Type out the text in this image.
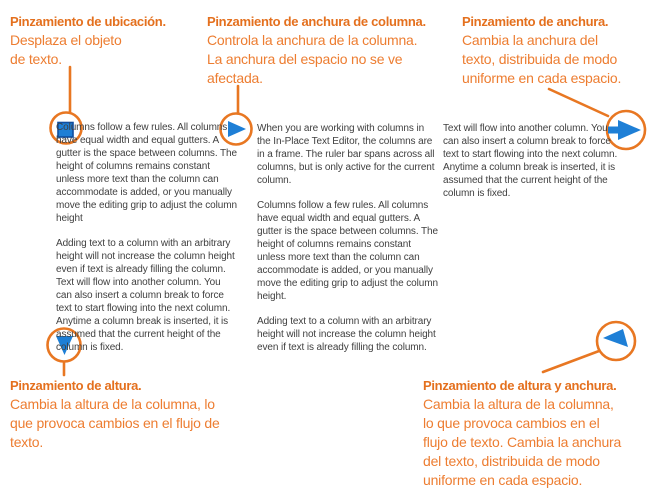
Pinzamiento de ubicación.
Desplaza el objeto
de texto.
Pinzamiento de anchura de columna.
Controla la anchura de la columna.
La anchura del espacio no se ve
afectada.
Pinzamiento de anchura.
Cambia la anchura del
texto, distribuida de modo
uniforme en cada espacio.
Pinzamiento de altura.
Cambia la altura de la columna, lo
que provoca cambios en el flujo de
texto.
Pinzamiento de altura y anchura.
Cambia la altura de la columna,
lo que provoca cambios en el
flujo de texto. Cambia la anchura
del texto, distribuida de modo
uniforme en cada espacio.

Columns follow a few rules. All columns
have equal width and equal gutters. A
gutter is the space between columns. The
height of columns remains constant
unless more text than the column can
accommodate is added, or you manually
move the editing grip to adjust the column
height

Adding text to a column with an arbitrary
height will not increase the column height
even if text is already filling the column.
Text will flow into another column. You
can also insert a column break to force
text to start flowing into the next column.
Anytime a column break is inserted, it is
assumed that the current height of the
column is fixed.

When you are working with columns in
the In-Place Text Editor, the columns are
in a frame. The ruler bar spans across all
columns, but is only active for the current
column.

Columns follow a few rules. All columns
have equal width and equal gutters. A
gutter is the space between columns. The
height of columns remains constant
unless more text than the column can
accommodate is added, or you manually
move the editing grip to adjust the column
height.

Adding text to a column with an arbitrary
height will not increase the column height
even if text is already filling the column.

Text will flow into another column. You
can also insert a column break to force
text to start flowing into the next column.
Anytime a column break is inserted, it is
assumed that the current height of the
column is fixed.
